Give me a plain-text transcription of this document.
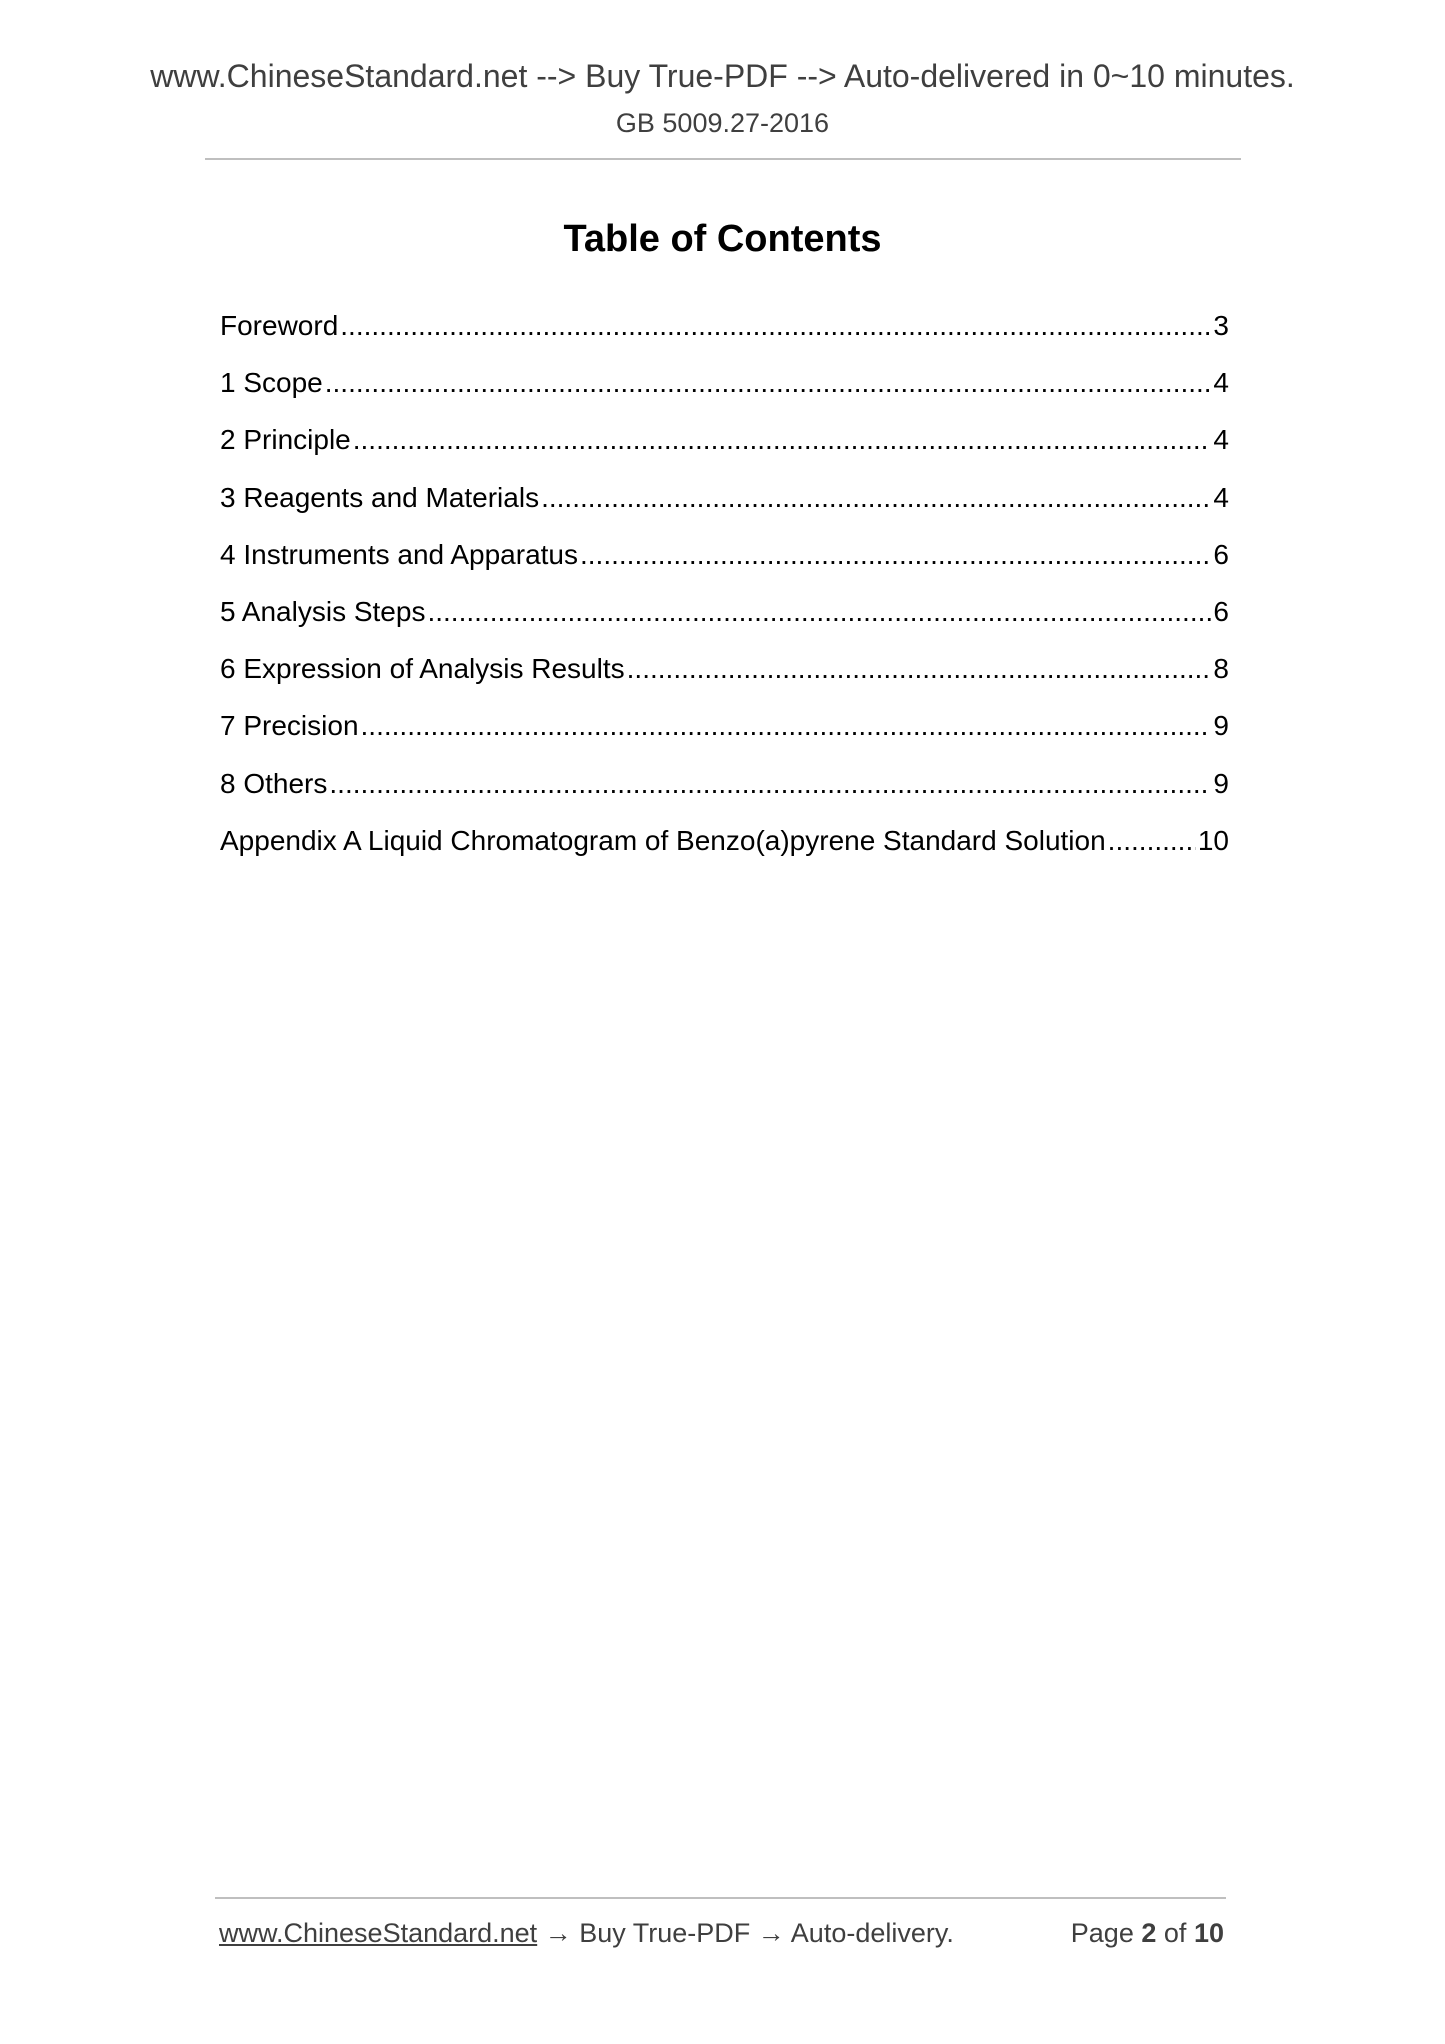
www.ChineseStandard.net --> Buy True-PDF --> Auto-delivered in 0~10 minutes.
GB 5009.27-2016
Table of Contents
Foreword .....	3
1 Scope .....	4
2 Principle .....	4
3 Reagents and Materials .....	4
4 Instruments and Apparatus .....	6
5 Analysis Steps .....	6
6 Expression of Analysis Results .....	8
7 Precision .....	9
8 Others .....	9
Appendix A Liquid Chromatogram of Benzo(a)pyrene Standard Solution .....	10
www.ChineseStandard.net → Buy True-PDF → Auto-delivery.	Page 2 of 10
